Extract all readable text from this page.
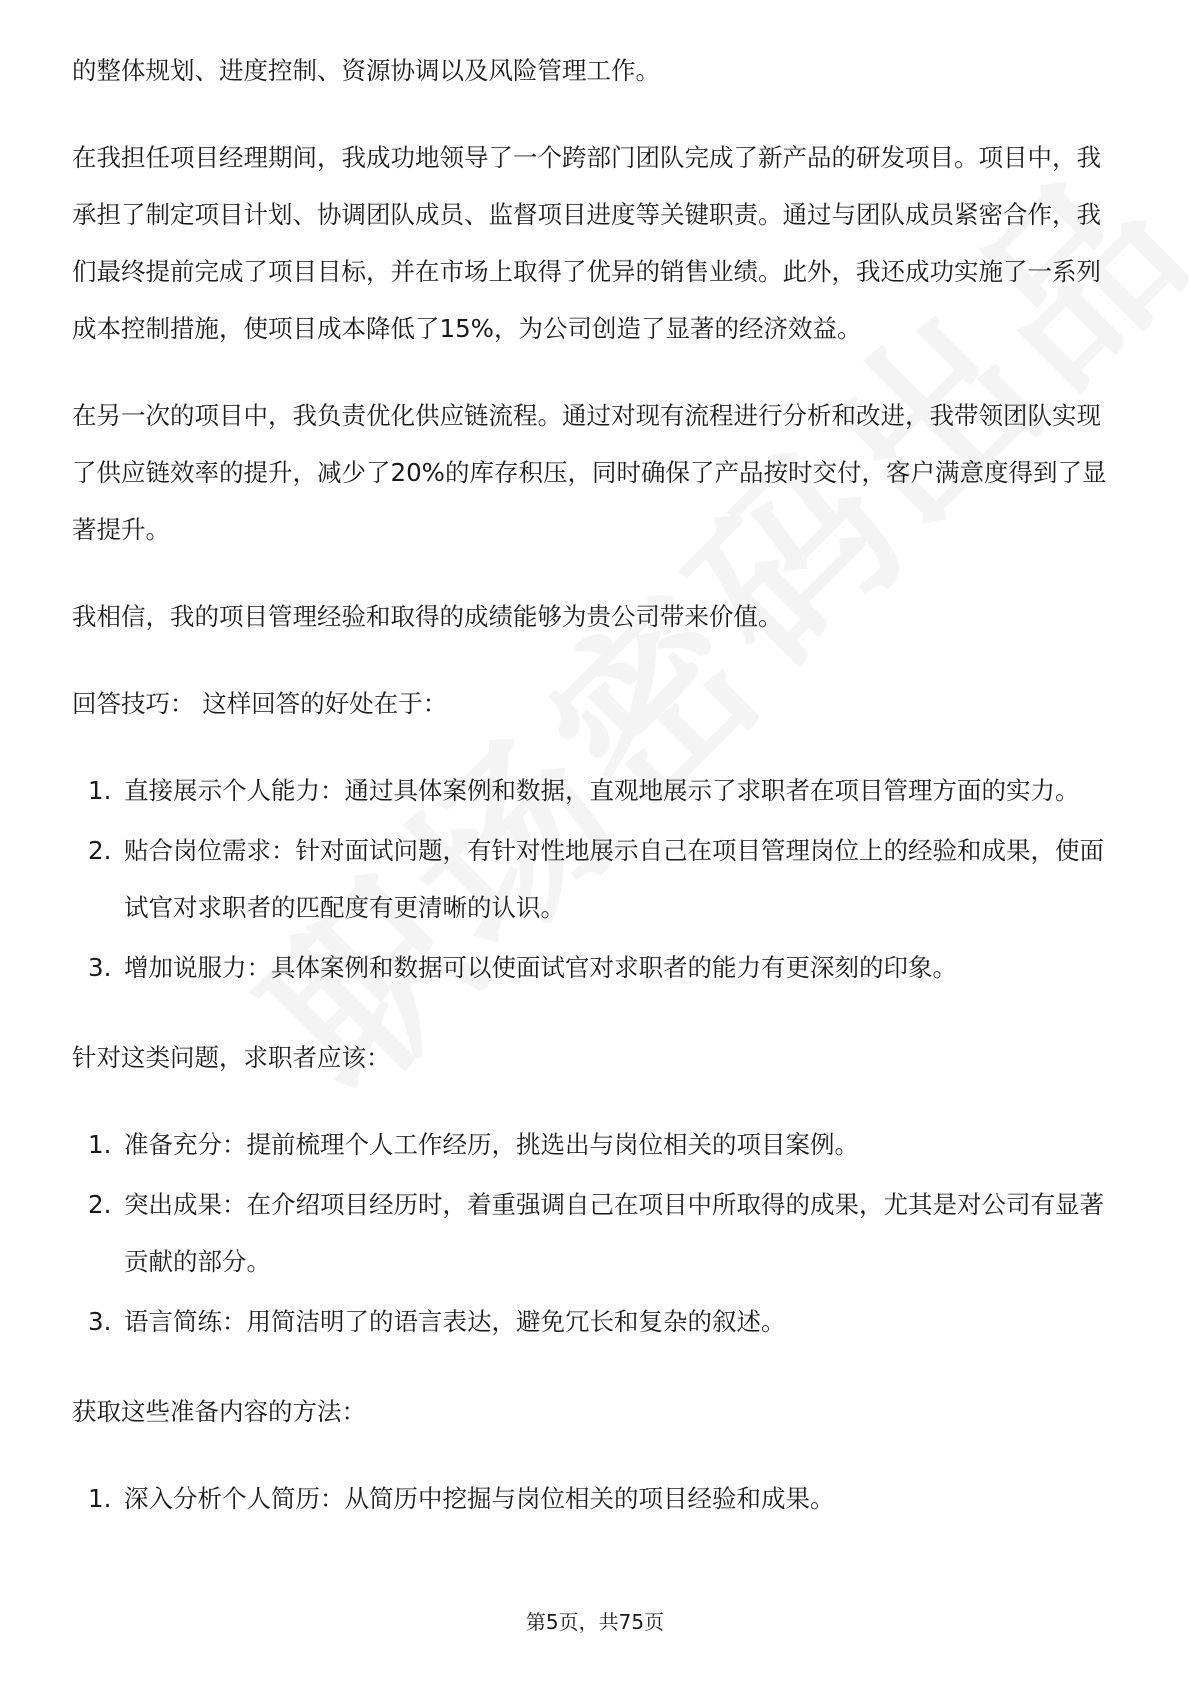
的整体规划、进度控制、资源协调以及风险管理工作。

在我担任项目经理期间，我成功地领导了一个跨部门团队完成了新产品的研发项目。项目中，我承担了制定项目计划、协调团队成员、监督项目进度等关键职责。通过与团队成员紧密合作，我们最终提前完成了项目目标，并在市场上取得了优异的销售业绩。此外，我还成功实施了一系列成本控制措施，使项目成本降低了15%，为公司创造了显著的经济效益。

在另一次的项目中，我负责优化供应链流程。通过对现有流程进行分析和改进，我带领团队实现了供应链效率的提升，减少了20%的库存积压，同时确保了产品按时交付，客户满意度得到了显著提升。

我相信，我的项目管理经验和取得的成绩能够为贵公司带来价值。

回答技巧： 这样回答的好处在于：

1. 直接展示个人能力：通过具体案例和数据，直观地展示了求职者在项目管理方面的实力。
2. 贴合岗位需求：针对面试问题，有针对性地展示自己在项目管理岗位上的经验和成果，使面试官对求职者的匹配度有更清晰的认识。
3. 增加说服力：具体案例和数据可以使面试官对求职者的能力有更深刻的印象。

针对这类问题，求职者应该：

1. 准备充分：提前梳理个人工作经历，挑选出与岗位相关的项目案例。
2. 突出成果：在介绍项目经历时，着重强调自己在项目中所取得的成果，尤其是对公司有显著贡献的部分。
3. 语言简练：用简洁明了的语言表达，避免冗长和复杂的叙述。

获取这些准备内容的方法：

1. 深入分析个人简历：从简历中挖掘与岗位相关的项目经验和成果。
第5页，共75页
